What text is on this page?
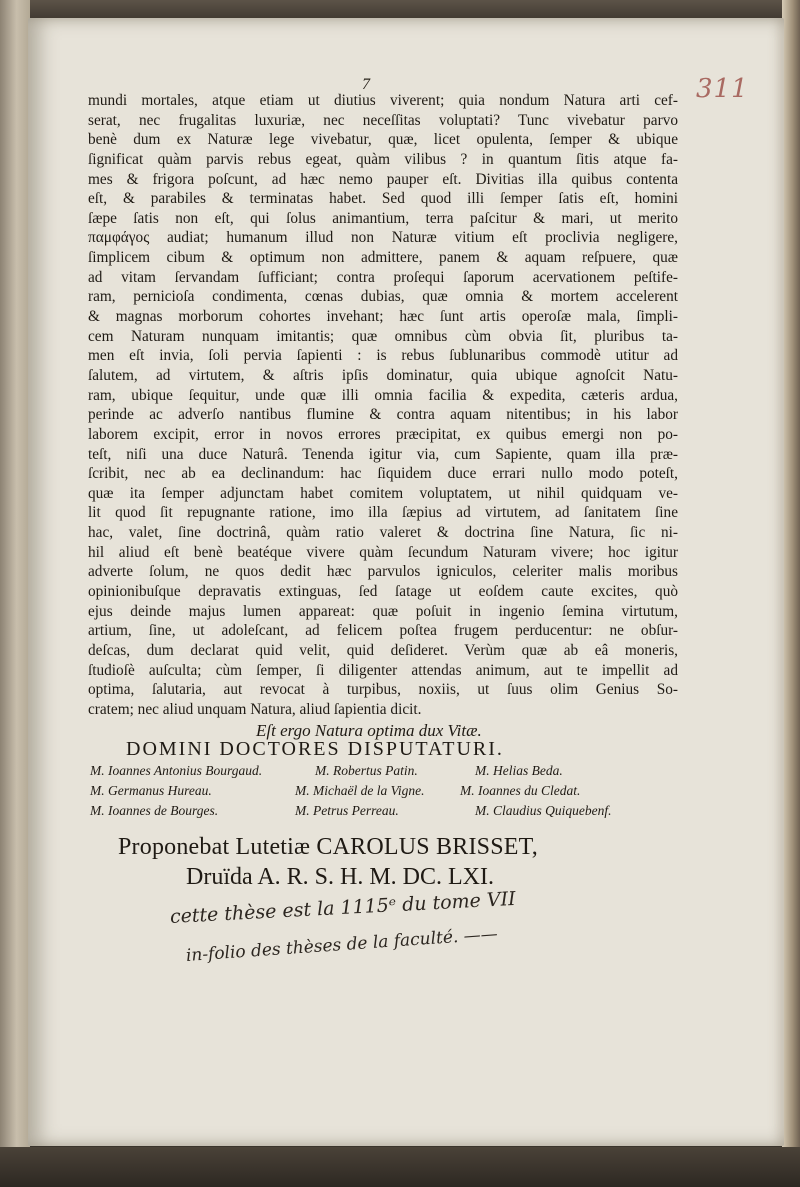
7	311
mundi mortales, atque etiam ut diutius viverent; quia nondum Natura arti cef-
serat, nec frugalitas luxuriæ, nec neceſſitas voluptati? Tunc vivebatur parvo
benè dum ex Naturæ lege vivebatur, quæ, licet opulenta, ſemper & ubique
ſignificat quàm parvis rebus egeat, quàm vilibus ? in quantum ſitis atque fa-
mes & frigora poſcunt, ad hæc nemo pauper eſt. Divitias illa quibus contenta
eſt, & parabiles & terminatas habet. Sed quod illi ſemper ſatis eſt, homini
ſæpe ſatis non eſt, qui ſolus animantium, terra paſcitur & mari, ut merito
παμφάγος audiat; humanum illud non Naturæ vitium eſt proclivia negligere,
ſimplicem cibum & optimum non admittere, panem & aquam reſpuere, quæ
ad vitam ſervandam ſufficiant; contra proſequi ſaporum acervationem peſtife-
ram, pernicioſa condimenta, cœnas dubias, quæ omnia & mortem accelerent
& magnas morborum cohortes invehant; hæc ſunt artis operoſæ mala, ſimpli-
cem Naturam nunquam imitantis; quæ omnibus cùm obvia ſit, pluribus ta-
men eſt invia, ſoli pervia ſapienti : is rebus ſublunaribus commodè utitur ad
ſalutem, ad virtutem, & aſtris ipſis dominatur, quia ubique agnoſcit Natu-
ram, ubique ſequitur, unde quæ illi omnia facilia & expedita, cæteris ardua,
perinde ac adverſo nantibus flumine & contra aquam nitentibus; in his labor
laborem excipit, error in novos errores præcipitat, ex quibus emergi non po-
teſt, niſi una duce Naturâ. Tenenda igitur via, cum Sapiente, quam illa præ-
ſcribit, nec ab ea declinandum: hac ſiquidem duce errari nullo modo poteſt,
quæ ita ſemper adjunctam habet comitem voluptatem, ut nihil quidquam ve-
lit quod ſit repugnante ratione, imo illa ſæpius ad virtutem, ad ſanitatem ſine
hac, valet, ſine doctrinâ, quàm ratio valeret & doctrina ſine Natura, ſic ni-
hil aliud eſt benè beatéque vivere quàm ſecundum Naturam vivere; hoc igitur
adverte ſolum, ne quos dedit hæc parvulos igniculos, celeriter malis moribus
opinionibuſque depravatis extinguas, ſed ſatage ut eoſdem caute excites, quò
ejus deinde majus lumen appareat: quæ poſuit in ingenio ſemina virtutum,
artium, ſine, ut adoleſcant, ad felicem poſtea frugem perducentur: ne obſur-
deſcas, dum declarat quid velit, quid deſideret. Verùm quæ ab eâ moneris,
ſtudioſè auſculta; cùm ſemper, ſi diligenter attendas animum, aut te impellit ad
optima, ſalutaria, aut revocat à turpibus, noxiis, ut ſuus olim Genius So-
cratem; nec aliud unquam Natura, aliud ſapientia dicit.
Eſt ergo Natura optima dux Vitæ.
DOMINI DOCTORES DISPUTATURI.
M. Ioannes Antonius Bourgaud.	M. Robertus Patin.	M. Helias Beda.
M. Germanus Hureau.	M. Michaël de la Vigne.	M. Ioannes du Cledat.
M. Ioannes de Bourges.	M. Petrus Perreau.	M. Claudius Quiquebenf.
Proponebat Lutetiæ CAROLUS BRISSET,
Druïda A. R. S. H. M. DC. LXI.
cette thèse est la 1115ᵉ du tome VII
in-folio des thèses de la faculté. ——
